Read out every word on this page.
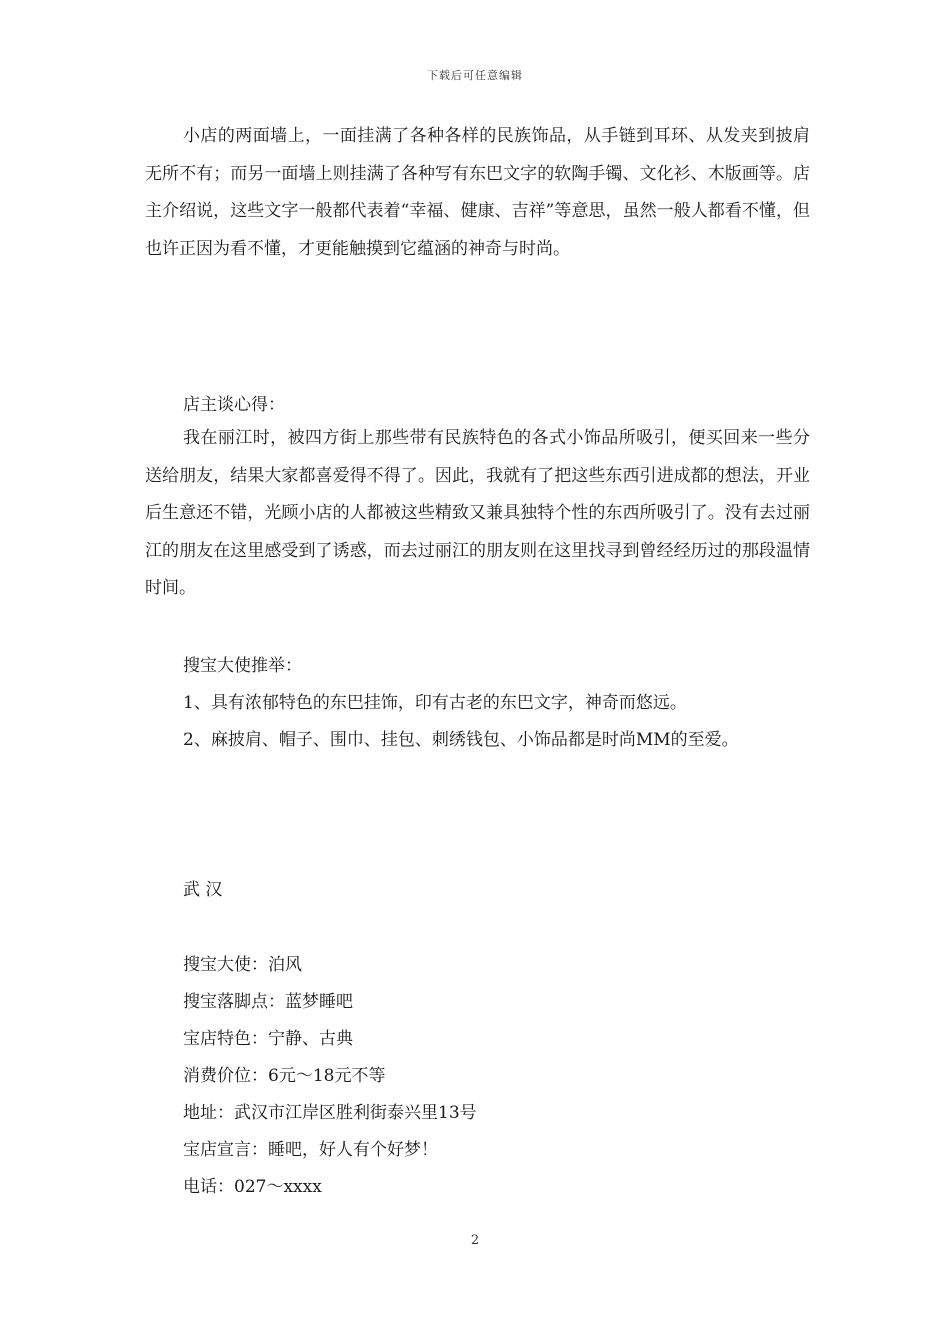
下载后可任意编辑

小店的两面墙上，一面挂满了各种各样的民族饰品，从手链到耳环、从发夹到披肩无所不有；而另一面墙上则挂满了各种写有东巴文字的软陶手镯、文化衫、木版画等。店主介绍说，这些文字一般都代表着“幸福、健康、吉祥”等意思，虽然一般人都看不懂，但也许正因为看不懂，才更能触摸到它蕴涵的神奇与时尚。

店主谈心得：

我在丽江时，被四方街上那些带有民族特色的各式小饰品所吸引，便买回来一些分送给朋友，结果大家都喜爱得不得了。因此，我就有了把这些东西引进成都的想法，开业后生意还不错，光顾小店的人都被这些精致又兼具独特个性的东西所吸引了。没有去过丽江的朋友在这里感受到了诱惑，而去过丽江的朋友则在这里找寻到曾经经历过的那段温情时间。

搜宝大使推举：
1、具有浓郁特色的东巴挂饰，印有古老的东巴文字，神奇而悠远。
2、麻披肩、帽子、围巾、挂包、刺绣钱包、小饰品都是时尚MM的至爱。
武 汉
搜宝大使：泊风
搜宝落脚点：蓝梦睡吧
宝店特色：宁静、古典
消费价位：6元～18元不等
地址：武汉市江岸区胜利街泰兴里13号
宝店宣言：睡吧，好人有个好梦！
电话：027～xxxx
2
